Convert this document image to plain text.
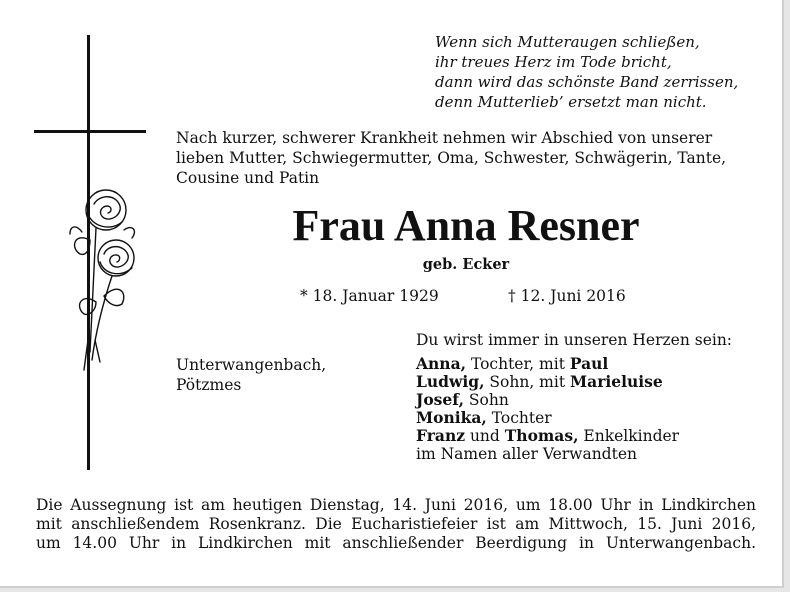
Wenn sich Mutteraugen schließen,
ihr treues Herz im Tode bricht,
dann wird das schönste Band zerrissen,
denn Mutterlieb’ ersetzt man nicht.
Nach kurzer, schwerer Krankheit nehmen wir Abschied von unserer
lieben Mutter, Schwiegermutter, Oma, Schwester, Schwägerin, Tante,
Cousine und Patin
Frau Anna Resner
geb. Ecker
* 18. Januar 1929	† 12. Juni 2016
Du wirst immer in unseren Herzen sein:
Unterwangenbach,
Pötzmes
Anna, Tochter, mit Paul
Ludwig, Sohn, mit Marieluise
Josef, Sohn
Monika, Tochter
Franz und Thomas, Enkelkinder
im Namen aller Verwandten
Die Aussegnung ist am heutigen Dienstag, 14. Juni 2016, um 18.00 Uhr in Lindkirchen
mit anschließendem Rosenkranz. Die Eucharistiefeier ist am Mittwoch, 15. Juni 2016,
um 14.00 Uhr in Lindkirchen mit anschließender Beerdigung in Unterwangenbach.
